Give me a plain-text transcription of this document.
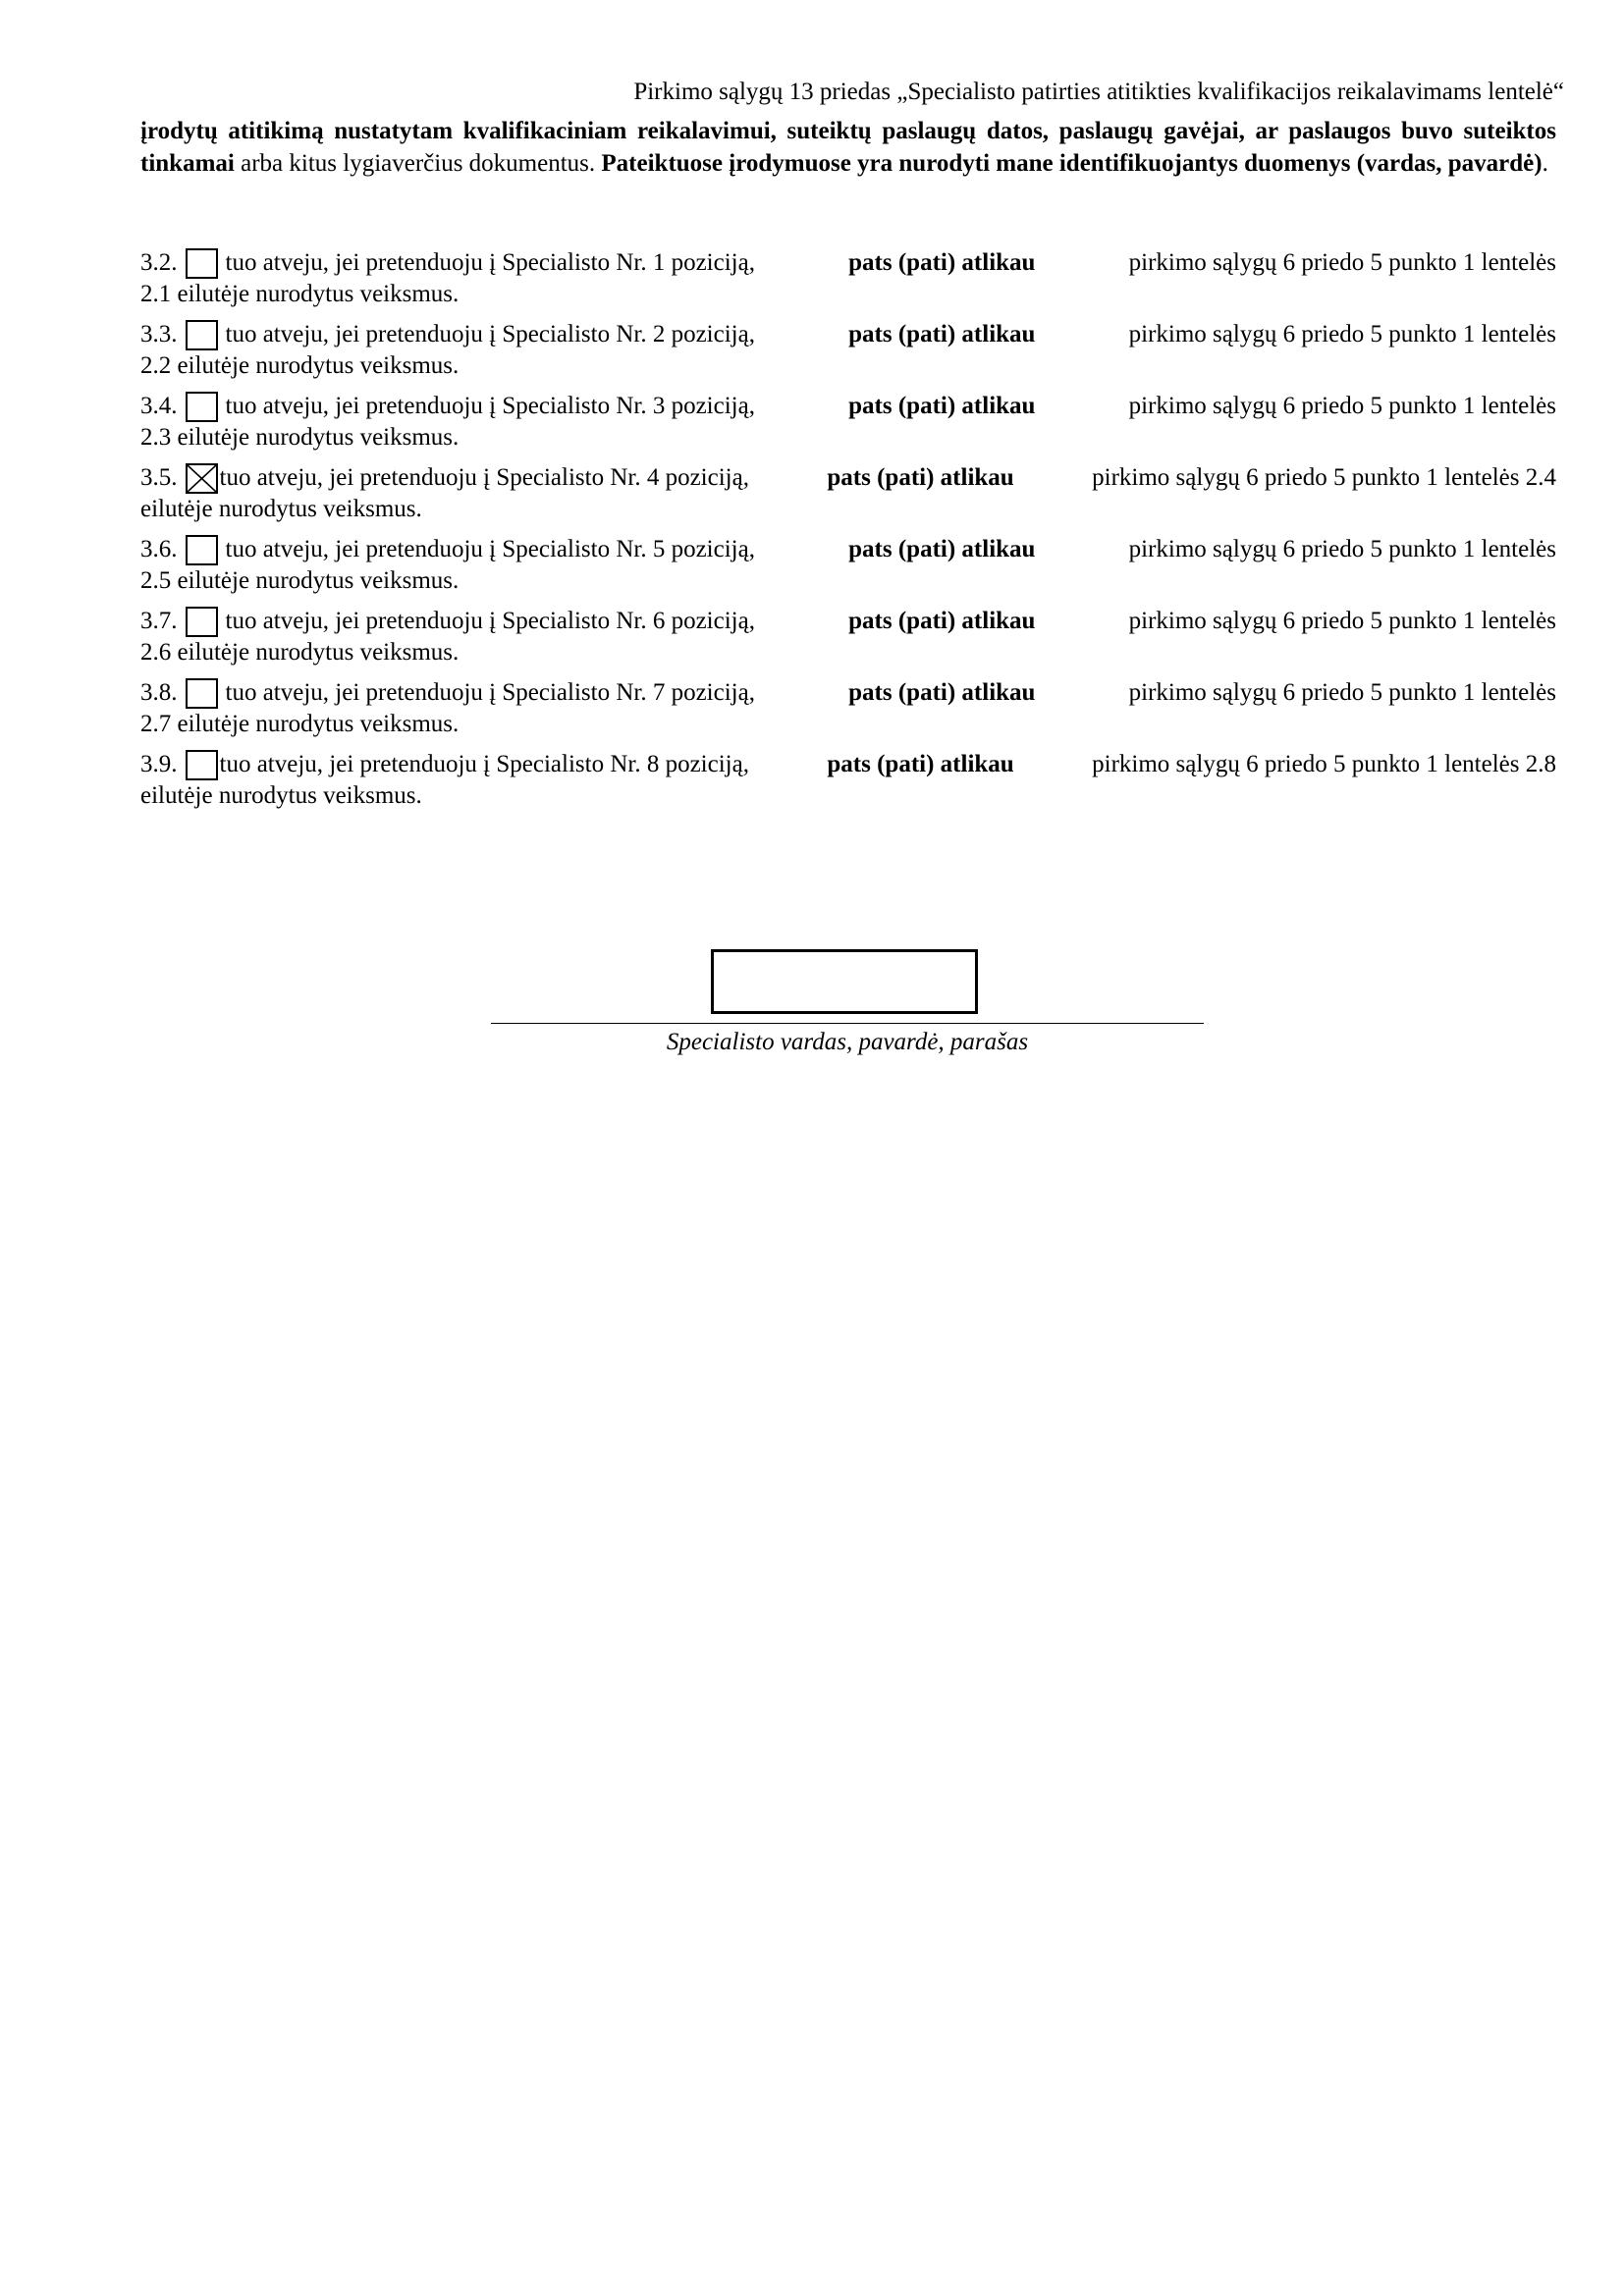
Pirkimo sąlygų 13 priedas „Specialisto patirties atitikties kvalifikacijos reikalavimams lentelė“
įrodytų atitikimą nustatytam kvalifikaciniam reikalavimui, suteiktų paslaugų datos, paslaugų gavėjai, ar paslaugos buvo suteiktos tinkamai arba kitus lygiaverčius dokumentus. Pateiktuose įrodymuose yra nurodyti mane identifikuojantys duomenys (vardas, pavardė).
3.2. tuo atveju, jei pretenduoju į Specialisto Nr. 1 poziciją,	pats (pati) atlikau	pirkimo sąlygų 6 priedo 5 punkto 1 lentelės
2.1 eilutėje nurodytus veiksmus.
3.3. tuo atveju, jei pretenduoju į Specialisto Nr. 2 poziciją,	pats (pati) atlikau	pirkimo sąlygų 6 priedo 5 punkto 1 lentelės
2.2 eilutėje nurodytus veiksmus.
3.4. tuo atveju, jei pretenduoju į Specialisto Nr. 3 poziciją,	pats (pati) atlikau	pirkimo sąlygų 6 priedo 5 punkto 1 lentelės
2.3 eilutėje nurodytus veiksmus.
3.5. tuo atveju, jei pretenduoju į Specialisto Nr. 4 poziciją,	pats (pati) atlikau	pirkimo sąlygų 6 priedo 5 punkto 1 lentelės 2.4
eilutėje nurodytus veiksmus.
3.6. tuo atveju, jei pretenduoju į Specialisto Nr. 5 poziciją,	pats (pati) atlikau	pirkimo sąlygų 6 priedo 5 punkto 1 lentelės
2.5 eilutėje nurodytus veiksmus.
3.7. tuo atveju, jei pretenduoju į Specialisto Nr. 6 poziciją,	pats (pati) atlikau	pirkimo sąlygų 6 priedo 5 punkto 1 lentelės
2.6 eilutėje nurodytus veiksmus.
3.8. tuo atveju, jei pretenduoju į Specialisto Nr. 7 poziciją,	pats (pati) atlikau	pirkimo sąlygų 6 priedo 5 punkto 1 lentelės
2.7 eilutėje nurodytus veiksmus.
3.9. tuo atveju, jei pretenduoju į Specialisto Nr. 8 poziciją,	pats (pati) atlikau	pirkimo sąlygų 6 priedo 5 punkto 1 lentelės 2.8
eilutėje nurodytus veiksmus.
Specialisto vardas, pavardė, parašas
